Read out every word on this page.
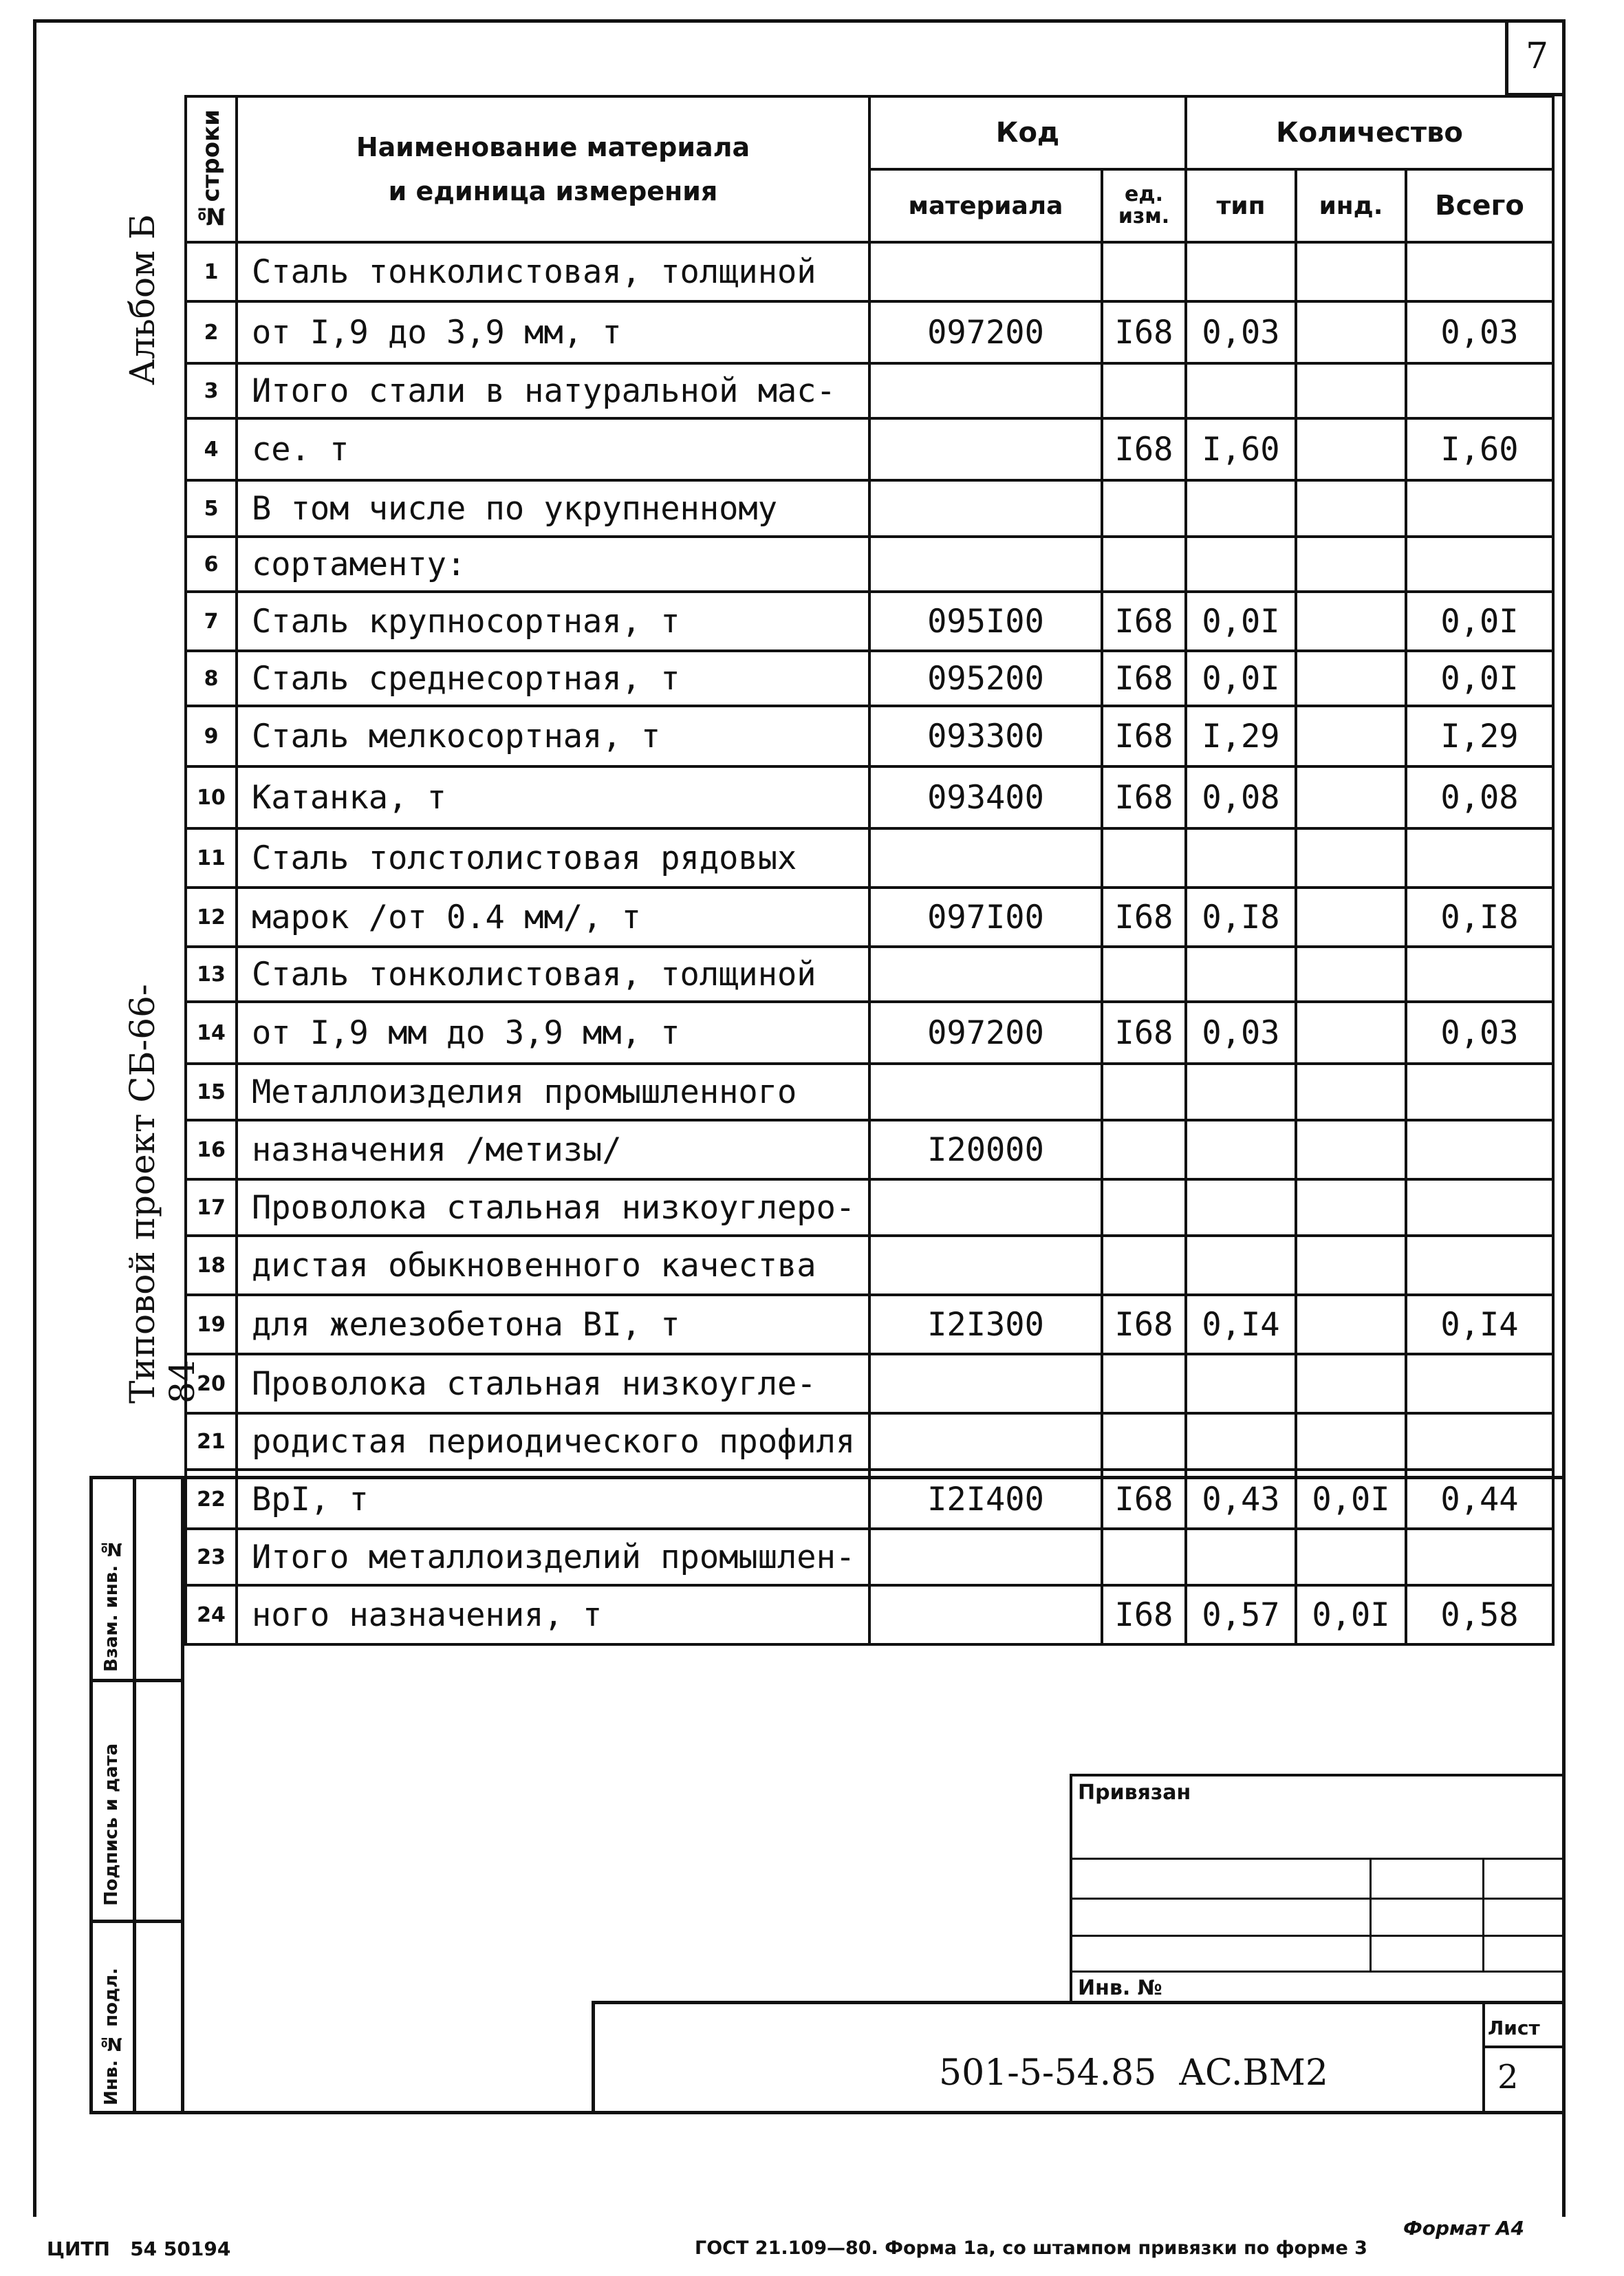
7
Альбом Б
Типовой проект СБ-66-84
Взам. инв. №
Подпись и дата
Инв. № подл.
№строки	Наименование материала
и единица измерения	Код		Количество		
		материала	ед. изм.	тип	инд.	Всего
1	Сталь тонколистовая, толщиной					
2	от I,9 до 3,9 мм, т	097200	I68	0,03		0,03
3	Итого стали в натуральной мас-					
4	се. т		I68	I,60		I,60
5	В том числе по укрупненному					
6	сортаменту:					
7	Сталь крупносортная, т	095I00	I68	0,0I		0,0I
8	Сталь среднесортная, т	095200	I68	0,0I		0,0I
9	Сталь мелкосортная, т	093300	I68	I,29		I,29
10	Катанка, т	093400	I68	0,08		0,08
11	Сталь толстолистовая рядовых					
12	марок /от 0.4 мм/, т	097I00	I68	0,I8		0,I8
13	Сталь тонколистовая, толщиной					
14	от I,9 мм до 3,9 мм, т	097200	I68	0,03		0,03
15	Металлоизделия промышленного					
16	назначения /метизы/	I20000				
17	Проволока стальная низкоуглеро-					
18	дистая обыкновенного качества					
19	для железобетона BI, т	I2I300	I68	0,I4		0,I4
20	Проволока стальная низкоугле-					
21	родистая периодического профиля					
22	BpI, т	I2I400	I68	0,43	0,0I	0,44
23	Итого металлоизделий промышлен-					
24	ного назначения, т		I68	0,57	0,0I	0,58
Привязан
Инв. №
Лист
2
501-5-54.85  AC.BM2
ЦИТП   54 50194
Формат А4
ГОСТ 21.109—80. Форма 1а, со штампом привязки по форме 3
